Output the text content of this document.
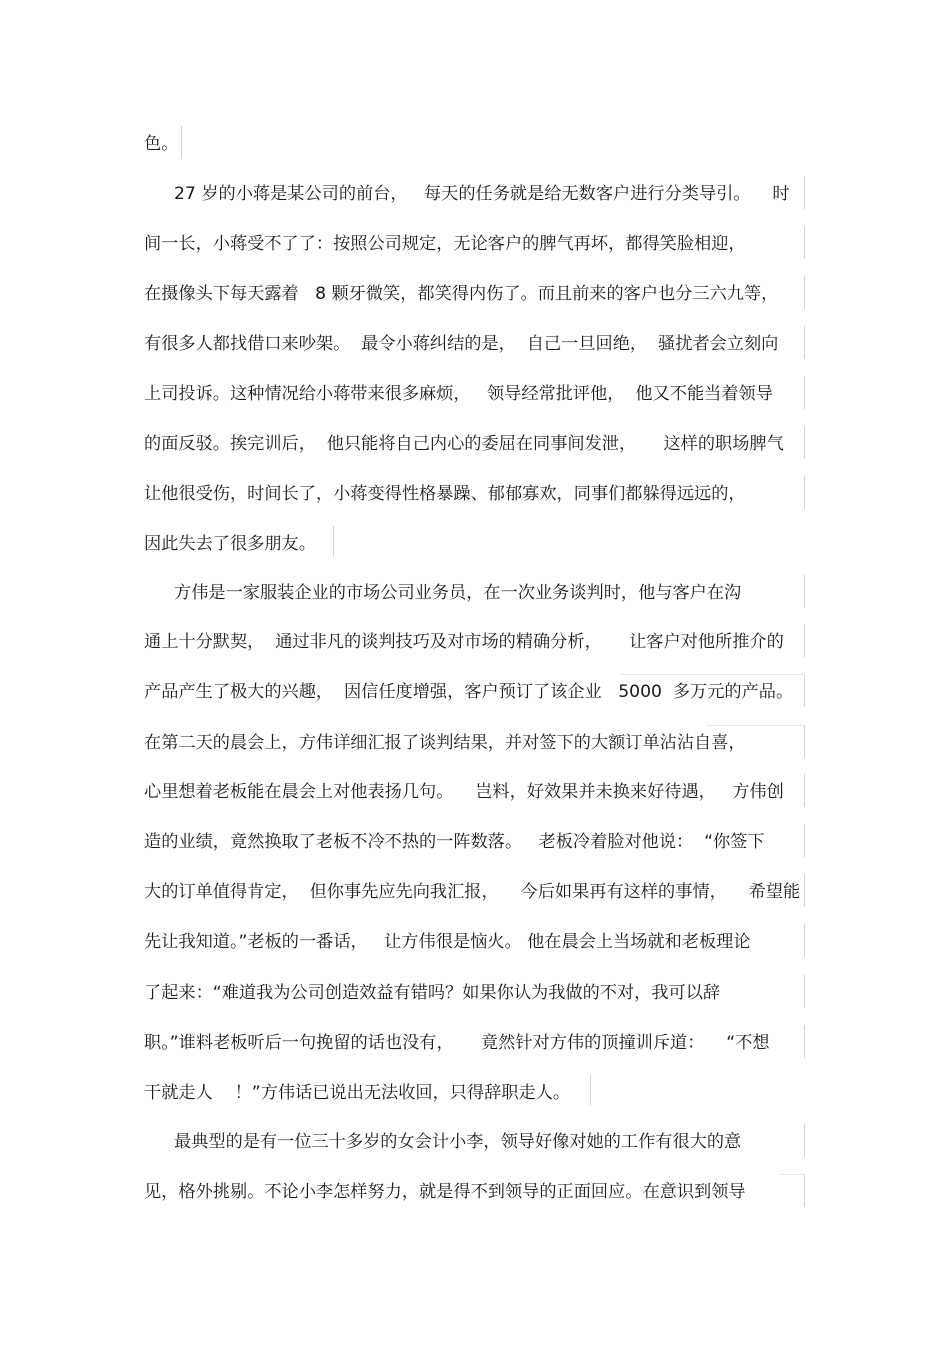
色。
27 岁的小蒋是某公司的前台，   每天的任务就是给无数客户进行分类导引。    时
间一长，小蒋受不了了：按照公司规定，无论客户的脾气再坏，都得笑脸相迎，
在摄像头下每天露着   8 颗牙微笑，都笑得内伤了。而且前来的客户也分三六九等，
有很多人都找借口来吵架。  最令小蒋纠结的是，  自己一旦回绝，  骚扰者会立刻向
上司投诉。这种情况给小蒋带来很多麻烦，   领导经常批评他，  他又不能当着领导
的面反驳。挨完训后，  他只能将自己内心的委屈在同事间发泄，     这样的职场脾气
让他很受伤，时间长了，小蒋变得性格暴躁、郁郁寡欢，同事们都躲得远远的，
因此失去了很多朋友。
方伟是一家服装企业的市场公司业务员，在一次业务谈判时，他与客户在沟
通上十分默契，  通过非凡的谈判技巧及对市场的精确分析，     让客户对他所推介的
产品产生了极大的兴趣，  因信任度增强，客户预订了该企业   5000  多万元的产品。
在第二天的晨会上，方伟详细汇报了谈判结果，并对签下的大额订单沾沾自喜，
心里想着老板能在晨会上对他表扬几句。    岂料，好效果并未换来好待遇，   方伟创
造的业绩，竟然换取了老板不冷不热的一阵数落。   老板冷着脸对他说：  “你签下
大的订单值得肯定，  但你事先应先向我汇报，    今后如果再有这样的事情，    希望能
先让我知道。”老板的一番话，   让方伟很是恼火。 他在晨会上当场就和老板理论
了起来：“难道我为公司创造效益有错吗？如果你认为我做的不对，我可以辞
职。”谁料老板听后一句挽留的话也没有，     竟然针对方伟的顶撞训斥道：    “不想
干就走人    ！”方伟话已说出无法收回，只得辞职走人。
最典型的是有一位三十多岁的女会计小李，领导好像对她的工作有很大的意
见，格外挑剔。不论小李怎样努力，就是得不到领导的正面回应。在意识到领导
